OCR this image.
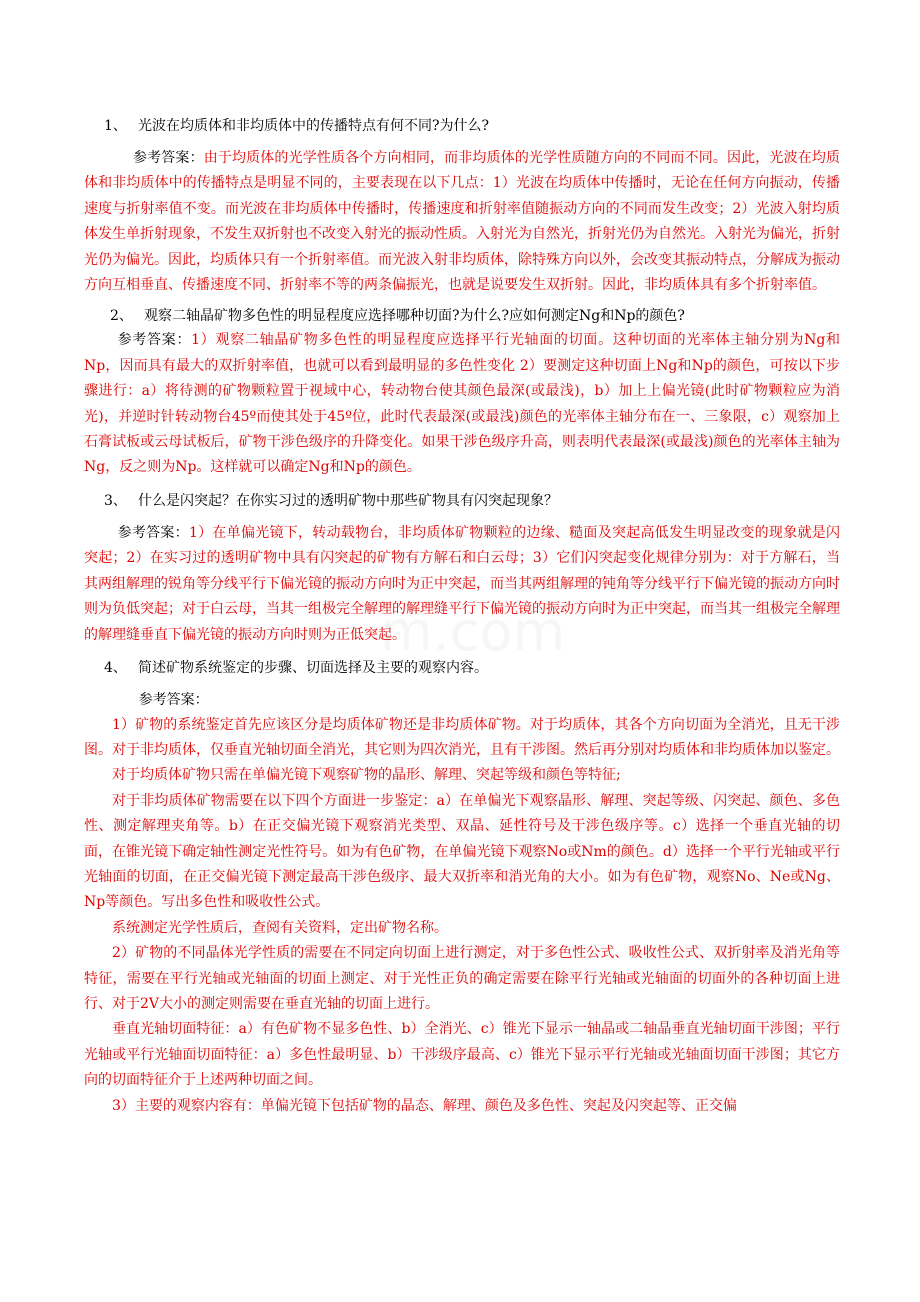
1、 光波在均质体和非均质体中的传播特点有何不同?为什么?

参考答案：由于均质体的光学性质各个方向相同，而非均质体的光学性质随方向的不同而不同。因此，光波在均质体和非均质体中的传播特点是明显不同的，主要表现在以下几点：1）光波在均质体中传播时，无论在任何方向振动，传播速度与折射率值不变。而光波在非均质体中传播时，传播速度和折射率值随振动方向的不同而发生改变；2）光波入射均质体发生单折射现象，不发生双折射也不改变入射光的振动性质。入射光为自然光，折射光仍为自然光。入射光为偏光，折射光仍为偏光。因此，均质体只有一个折射率值。而光波入射非均质体，除特殊方向以外，会改变其振动特点，分解成为振动方向互相垂直、传播速度不同、折射率不等的两条偏振光，也就是说要发生双折射。因此，非均质体具有多个折射率值。

2、 观察二轴晶矿物多色性的明显程度应选择哪种切面?为什么?应如何测定Ng和Np的颜色?

参考答案：1）观察二轴晶矿物多色性的明显程度应选择平行光轴面的切面。这种切面的光率体主轴分别为Ng和Np，因而具有最大的双折射率值，也就可以看到最明显的多色性变化 2）要测定这种切面上Ng和Np的颜色，可按以下步骤进行：a）将待测的矿物颗粒置于视域中心，转动物台使其颜色最深(或最浅)，b）加上上偏光镜(此时矿物颗粒应为消光)，并逆时针转动物台45º而使其处于45º位，此时代表最深(或最浅)颜色的光率体主轴分布在一、三象限，c）观察加上石膏试板或云母试板后，矿物干涉色级序的升降变化。如果干涉色级序升高，则表明代表最深(或最浅)颜色的光率体主轴为Ng，反之则为Np。这样就可以确定Ng和Np的颜色。

3、 什么是闪突起？在你实习过的透明矿物中那些矿物具有闪突起现象？

参考答案：1）在单偏光镜下，转动载物台，非均质体矿物颗粒的边缘、糙面及突起高低发生明显改变的现象就是闪突起；2）在实习过的透明矿物中具有闪突起的矿物有方解石和白云母；3）它们闪突起变化规律分别为：对于方解石，当其两组解理的锐角等分线平行下偏光镜的振动方向时为正中突起，而当其两组解理的钝角等分线平行下偏光镜的振动方向时则为负低突起；对于白云母，当其一组极完全解理的解理缝平行下偏光镜的振动方向时为正中突起，而当其一组极完全解理的解理缝垂直下偏光镜的振动方向时则为正低突起。

4、 简述矿物系统鉴定的步骤、切面选择及主要的观察内容。

参考答案：

1）矿物的系统鉴定首先应该区分是均质体矿物还是非均质体矿物。对于均质体，其各个方向切面为全消光，且无干涉图。对于非均质体，仅垂直光轴切面全消光，其它则为四次消光，且有干涉图。然后再分别对均质体和非均质体加以鉴定。

对于均质体矿物只需在单偏光镜下观察矿物的晶形、解理、突起等级和颜色等特征;

对于非均质体矿物需要在以下四个方面进一步鉴定：a）在单偏光下观察晶形、解理、突起等级、闪突起、颜色、多色性、测定解理夹角等。b）在正交偏光镜下观察消光类型、双晶、延性符号及干涉色级序等。c）选择一个垂直光轴的切面，在锥光镜下确定轴性测定光性符号。如为有色矿物，在单偏光镜下观察No或Nm的颜色。d）选择一个平行光轴或平行光轴面的切面，在正交偏光镜下测定最高干涉色级序、最大双折率和消光角的大小。如为有色矿物，观察No、Ne或Ng、Np等颜色。写出多色性和吸收性公式。

系统测定光学性质后，查阅有关资料，定出矿物名称。

2）矿物的不同晶体光学性质的需要在不同定向切面上进行测定，对于多色性公式、吸收性公式、双折射率及消光角等特征，需要在平行光轴或光轴面的切面上测定、对于光性正负的确定需要在除平行光轴或光轴面的切面外的各种切面上进行、对于2V大小的测定则需要在垂直光轴的切面上进行。

垂直光轴切面特征：a）有色矿物不显多色性、b）全消光、c）锥光下显示一轴晶或二轴晶垂直光轴切面干涉图；平行光轴或平行光轴面切面特征：a）多色性最明显、b）干涉级序最高、c）锥光下显示平行光轴或光轴面切面干涉图；其它方向的切面特征介于上述两种切面之间。

3）主要的观察内容有：单偏光镜下包括矿物的晶态、解理、颜色及多色性、突起及闪突起等、正交偏

m.com
